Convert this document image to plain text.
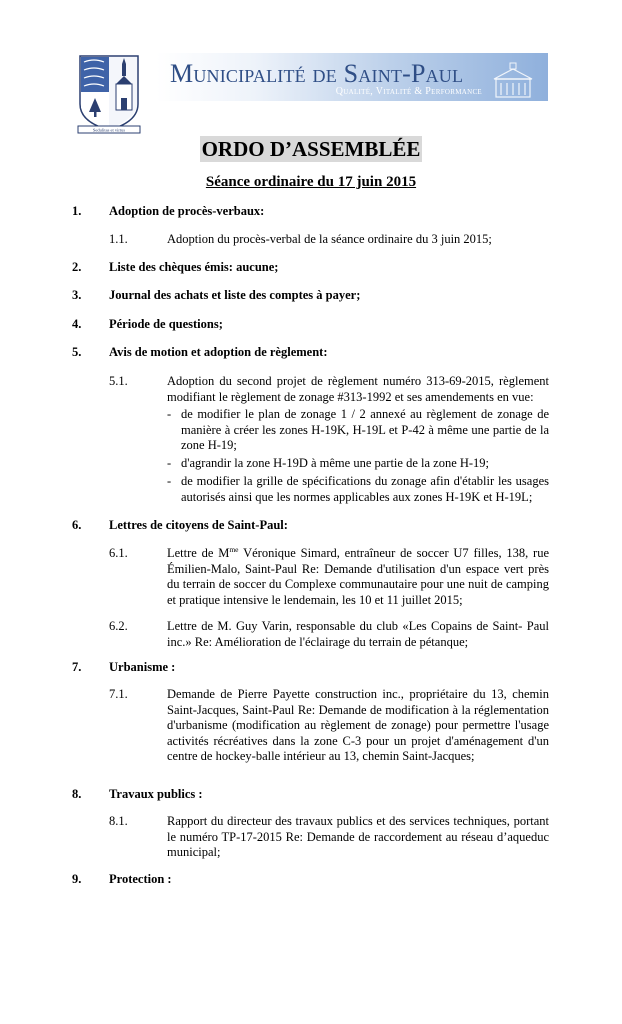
Sedulitas et virtus
Municipalité de Saint-Paul
Qualité, Vitalité & Performance
ORDO D’ASSEMBLÉE
Séance ordinaire du 17 juin 2015
1. Adoption de procès-verbaux:
1.1.	Adoption du procès-verbal de la séance ordinaire du 3 juin 2015;
2. Liste des chèques émis: aucune;
3. Journal des achats et liste des comptes à payer;
4. Période de questions;
5. Avis de motion et adoption de règlement:
5.1.	Adoption du second projet de règlement numéro 313-69-2015, règlement modifiant le règlement de zonage #313-1992 et ses amendements en vue:
- de modifier le plan de zonage 1 / 2 annexé au règlement de zonage de manière à créer les zones H-19K, H-19L et P-42 à même une partie de la zone H-19;
- d'agrandir la zone H-19D à même une partie de la zone H-19;
- de modifier la grille de spécifications du zonage afin d'établir les usages autorisés ainsi que les normes applicables aux zones H-19K et H-19L;
6. Lettres de citoyens de Saint-Paul:
6.1.	Lettre de $M^{me}$ Véronique Simard, entraîneur de soccer U7 filles, 138, rue Émilien-Malo, Saint-Paul Re: Demande d'utilisation d'un espace vert près du terrain de soccer du Complexe communautaire pour une nuit de camping et pratique intensive le lendemain, les 10 et 11 juillet 2015;
6.2.	Lettre de M. Guy Varin, responsable du club «Les Copains de Saint- Paul inc.» Re: Amélioration de l'éclairage du terrain de pétanque;
7. Urbanisme :
7.1.	Demande de Pierre Payette construction inc., propriétaire du 13, chemin Saint-Jacques, Saint-Paul Re: Demande de modification à la réglementation d'urbanisme (modification au règlement de zonage) pour permettre l'usage activités récréatives dans la zone C-3 pour un projet d'aménagement d'un centre de hockey-balle intérieur au 13, chemin Saint-Jacques;
8. Travaux publics :
8.1.	Rapport du directeur des travaux publics et des services techniques, portant le numéro TP-17-2015 Re: Demande de raccordement au réseau d’aqueduc municipal;
9. Protection :
